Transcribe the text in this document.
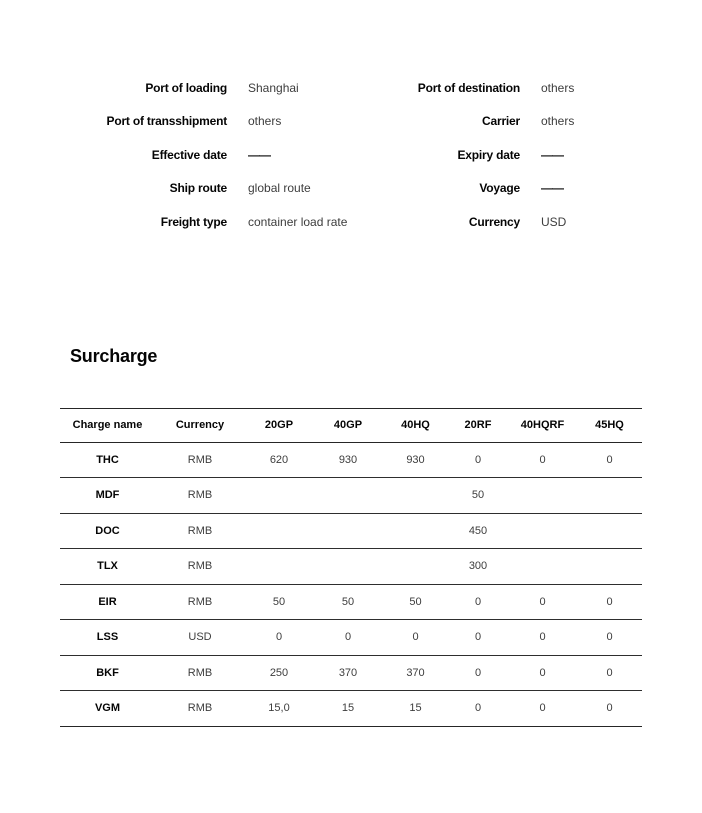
Port of loading	Shanghai	Port of destination	others
Port of transshipment	others	Carrier	others
Effective date	——	Expiry date	——
Ship route	global route	Voyage	——
Freight type	container load rate	Currency	USD
Surcharge
Charge name	Currency	20GP	40GP	40HQ	20RF	40HQRF	45HQ
THC	RMB	620	930	930	0	0	0
MDF	RMB				50		
DOC	RMB				450		
TLX	RMB				300		
EIR	RMB	50	50	50	0	0	0
LSS	USD	0	0	0	0	0	0
BKF	RMB	250	370	370	0	0	0
VGM	RMB	15,0	15	15	0	0	0
